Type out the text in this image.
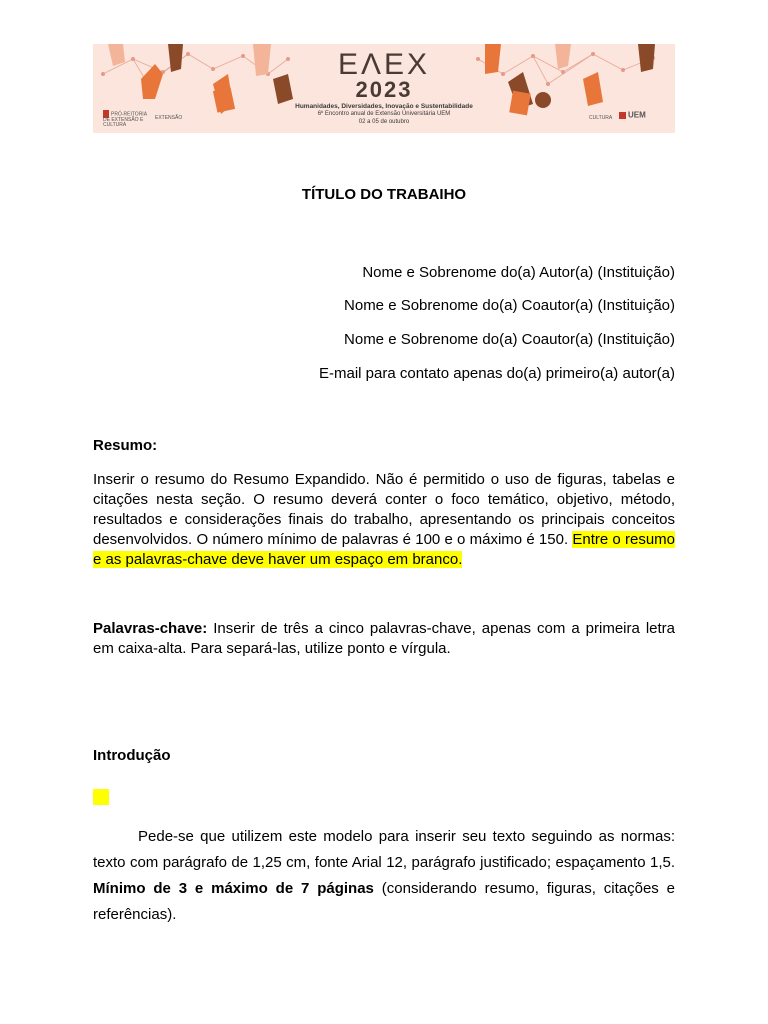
EΛEX
2023
Humanidades, Diversidades, Inovação e Sustentabilidade
6º Encontro anual de Extensão Universitária UEM
02 a 05 de outubro
PRÓ-REITORIA DE EXTENSÃO E CULTURA
EXTENSÃO	CULTURA	UEM
TÍTULO DO TRABAIHO
Nome e Sobrenome do(a) Autor(a) (Instituição)
Nome e Sobrenome do(a) Coautor(a) (Instituição)
Nome e Sobrenome do(a) Coautor(a) (Instituição)
E-mail para contato apenas do(a) primeiro(a) autor(a)
Resumo:
Inserir o resumo do Resumo Expandido. Não é permitido o uso de figuras, tabelas e citações nesta seção. O resumo deverá conter o foco temático, objetivo, método, resultados e considerações finais do trabalho, apresentando os principais conceitos desenvolvidos. O número mínimo de palavras é 100 e o máximo é 150. Entre o resumo e as palavras-chave deve haver um espaço em branco.
Palavras-chave: Inserir de três a cinco palavras-chave, apenas com a primeira letra em caixa-alta. Para separá-las, utilize ponto e vírgula.
Introdução
Pede-se que utilizem este modelo para inserir seu texto seguindo as normas: texto com parágrafo de 1,25 cm, fonte Arial 12, parágrafo justificado; espaçamento 1,5. Mínimo de 3 e máximo de 7 páginas (considerando resumo, figuras, citações e referências).
